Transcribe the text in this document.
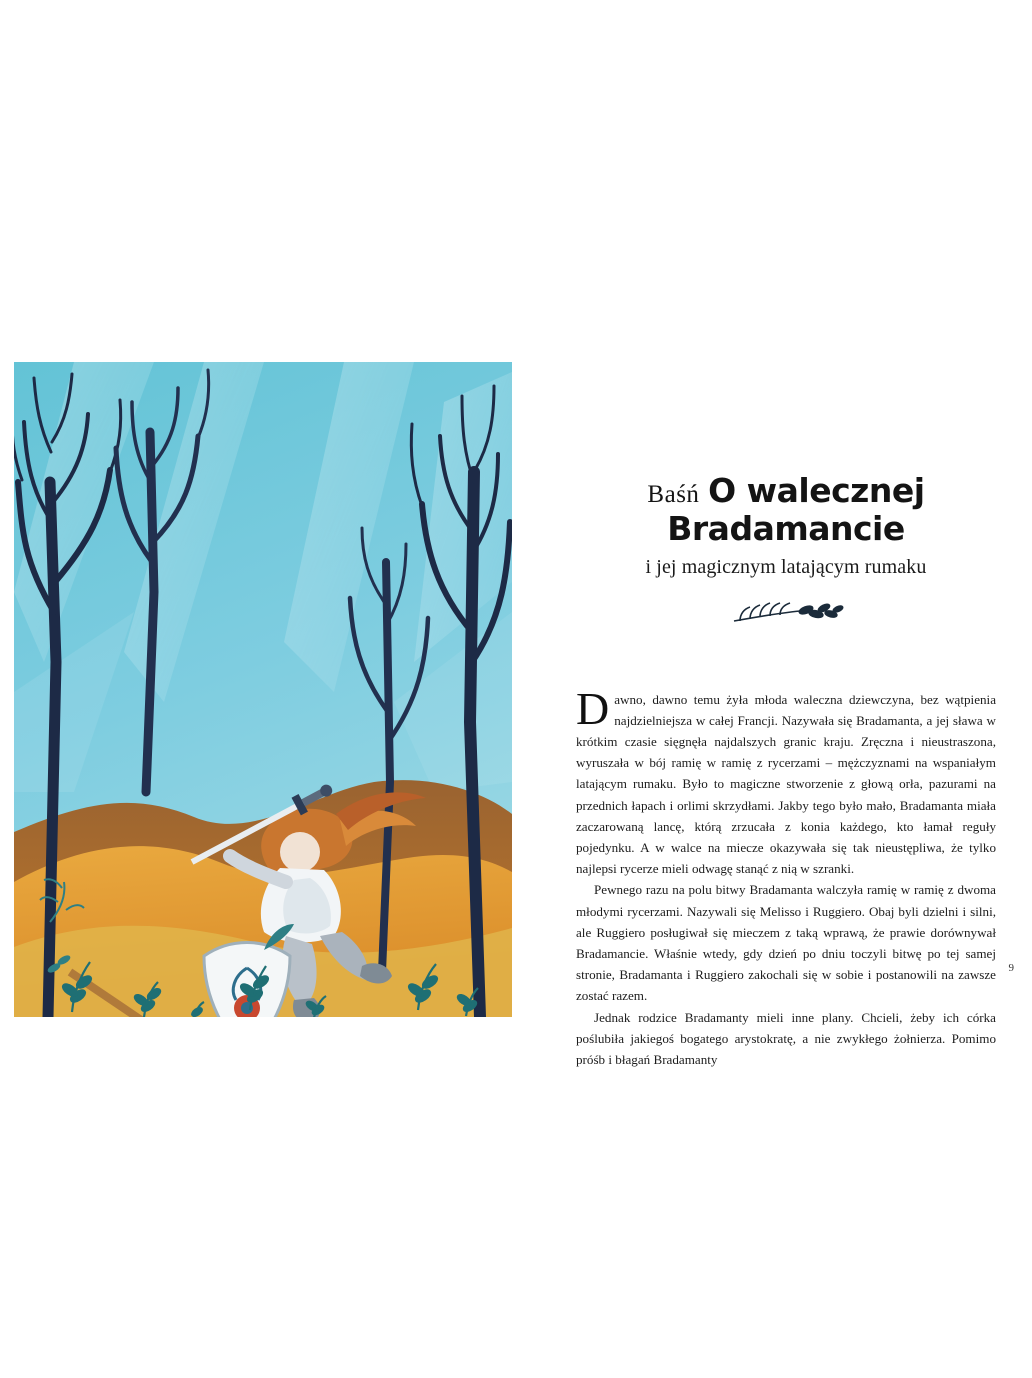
Baśń O walecznej
Bradamancie
i jej magicznym latającym rumaku

Dawno, dawno temu żyła młoda waleczna dziewczyna, bez wątpienia najdzielniejsza w całej Francji. Nazywała się Bradamanta, a jej sława w krótkim czasie sięgnęła najdalszych granic kraju. Zręczna i nieustraszona, wyruszała w bój ramię w ramię z rycerzami – mężczyznami na wspaniałym latającym rumaku. Było to magiczne stworzenie z głową orła, pazurami na przednich łapach i orlimi skrzydłami. Jakby tego było mało, Bradamanta miała zaczarowaną lancę, którą zrzucała z konia każdego, kto łamał reguły pojedynku. A w walce na miecze okazywała się tak nieustępliwa, że tylko najlepsi rycerze mieli odwagę stanąć z nią w szranki.

Pewnego razu na polu bitwy Bradamanta walczyła ramię w ramię z dwoma młodymi rycerzami. Nazywali się Melisso i Ruggiero. Obaj byli dzielni i silni, ale Ruggiero posługiwał się mieczem z taką wprawą, że prawie dorównywał Bradamancie. Właśnie wtedy, gdy dzień po dniu toczyli bitwę po tej samej stronie, Bradamanta i Ruggiero zakochali się w sobie i postanowili na zawsze zostać razem.

Jednak rodzice Bradamanty mieli inne plany. Chcieli, żeby ich córka poślubiła jakiegoś bogatego arystokratę, a nie zwykłego żołnierza. Pomimo próśb i błagań Bradamanty

9
